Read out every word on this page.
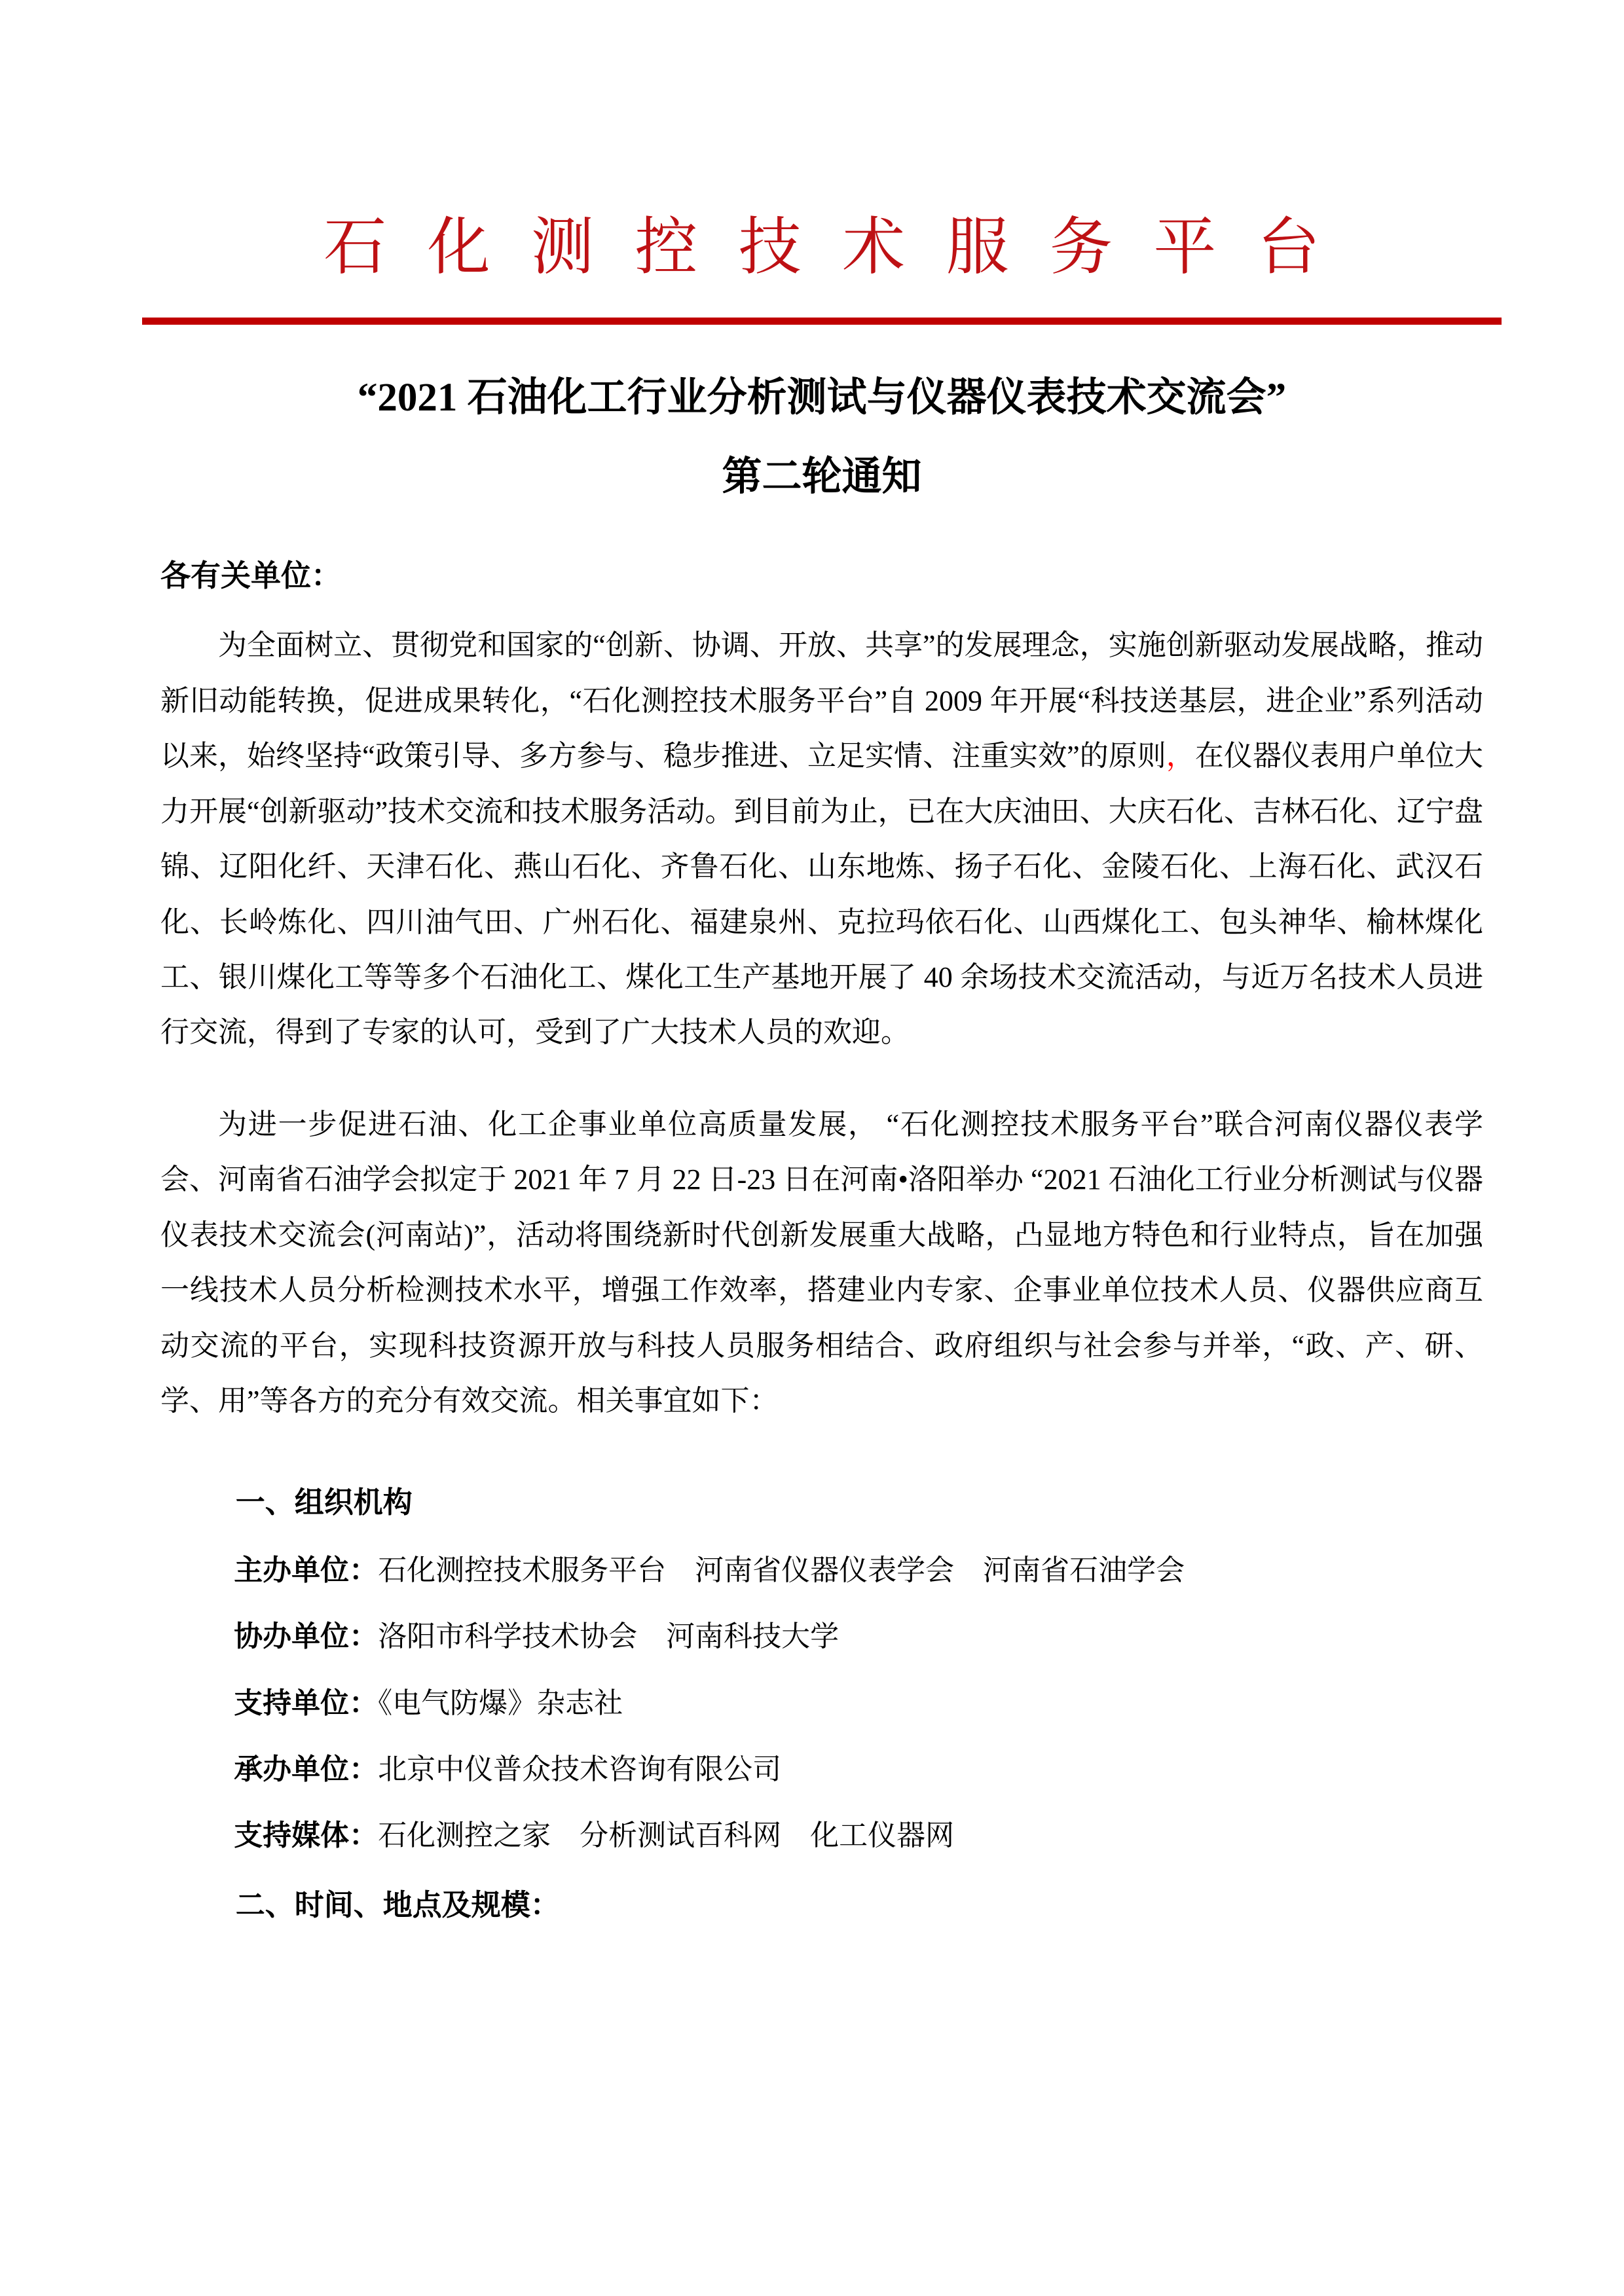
石 化 测 控 技 术 服 务 平 台
“2021 石油化工行业分析测试与仪器仪表技术交流会”
第二轮通知
各有关单位：

为全面树立、贯彻党和国家的“创新、协调、开放、共享”的发展理念，实施创新驱动发展战略，推动新旧动能转换，促进成果转化，“石化测控技术服务平台”自 2009 年开展“科技送基层，进企业”系列活动以来，始终坚持“政策引导、多方参与、稳步推进、立足实情、注重实效”的原则，在仪器仪表用户单位大力开展“创新驱动”技术交流和技术服务活动。到目前为止，已在大庆油田、大庆石化、吉林石化、辽宁盘锦、辽阳化纤、天津石化、燕山石化、齐鲁石化、山东地炼、扬子石化、金陵石化、上海石化、武汉石化、长岭炼化、四川油气田、广州石化、福建泉州、克拉玛依石化、山西煤化工、包头神华、榆林煤化工、银川煤化工等等多个石油化工、煤化工生产基地开展了 40 余场技术交流活动，与近万名技术人员进行交流，得到了专家的认可，受到了广大技术人员的欢迎。

为进一步促进石油、化工企事业单位高质量发展， “石化测控技术服务平台”联合河南仪器仪表学会、河南省石油学会拟定于 2021 年 7 月 22 日-23 日在河南•洛阳举办 “2021 石油化工行业分析测试与仪器仪表技术交流会(河南站)”，活动将围绕新时代创新发展重大战略，凸显地方特色和行业特点，旨在加强一线技术人员分析检测技术水平，增强工作效率，搭建业内专家、企事业单位技术人员、仪器供应商互动交流的平台，实现科技资源开放与科技人员服务相结合、政府组织与社会参与并举，“政、产、研、学、用”等各方的充分有效交流。相关事宜如下：

一、组织机构
主办单位：石化测控技术服务平台　河南省仪器仪表学会　河南省石油学会
协办单位：洛阳市科学技术协会　河南科技大学
支持单位：《电气防爆》杂志社
承办单位：北京中仪普众技术咨询有限公司
支持媒体：石化测控之家　分析测试百科网　化工仪器网
二、时间、地点及规模：
